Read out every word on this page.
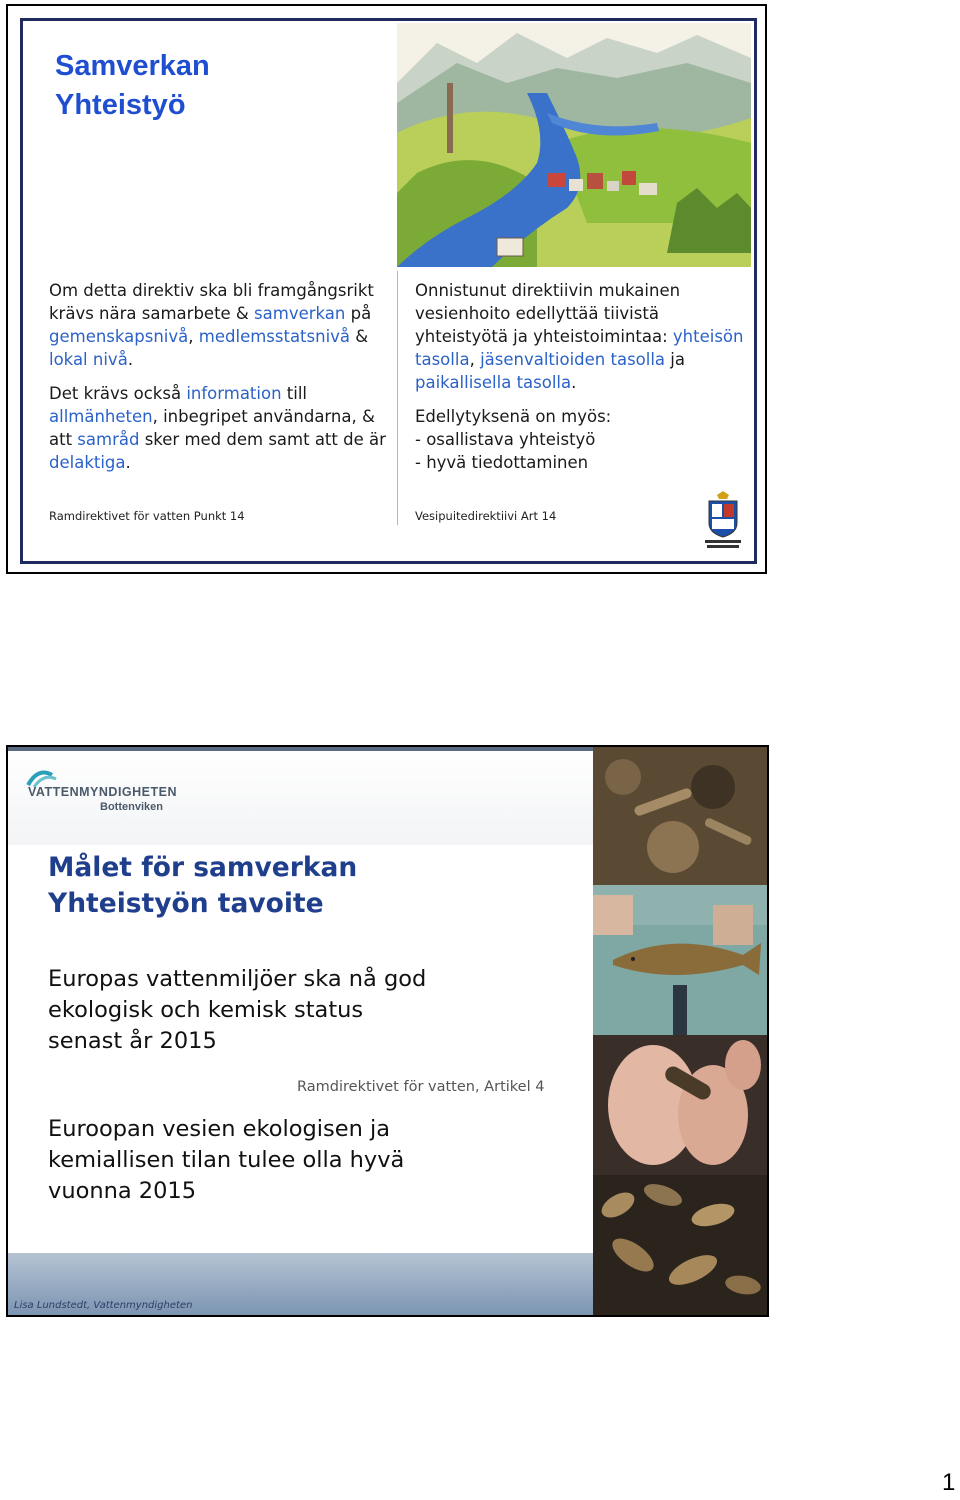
Samverkan
Yhteistyö

Om detta direktiv ska bli framgångsrikt krävs nära samarbete & samverkan på gemenskapsnivå, medlemsstatsnivå & lokal nivå.

Det krävs också information till allmänheten, inbegripet användarna, & att samråd sker med dem samt att de är delaktiga.

Onnistunut direktiivin mukainen vesienhoito edellyttää tiivistä yhteistyötä ja yhteistoimintaa: yhteisön tasolla, jäsenvaltioiden tasolla ja paikallisella tasolla.

Edellytyksenä on myös:
- osallistava yhteistyö
- hyvä tiedottaminen

Ramdirektivet för vatten Punkt 14	Vesipuitedirektiivi Art 14
VATTENMYNDIGHETEN
Bottenviken
Målet för samverkan
Yhteistyön tavoite
Europas vattenmiljöer ska nå god
ekologisk och kemisk status
senast år 2015
Ramdirektivet för vatten, Artikel 4
Euroopan vesien ekologisen ja
kemiallisen tilan tulee olla hyvä
vuonna 2015
Lisa Lundstedt, Vattenmyndigheten
1
